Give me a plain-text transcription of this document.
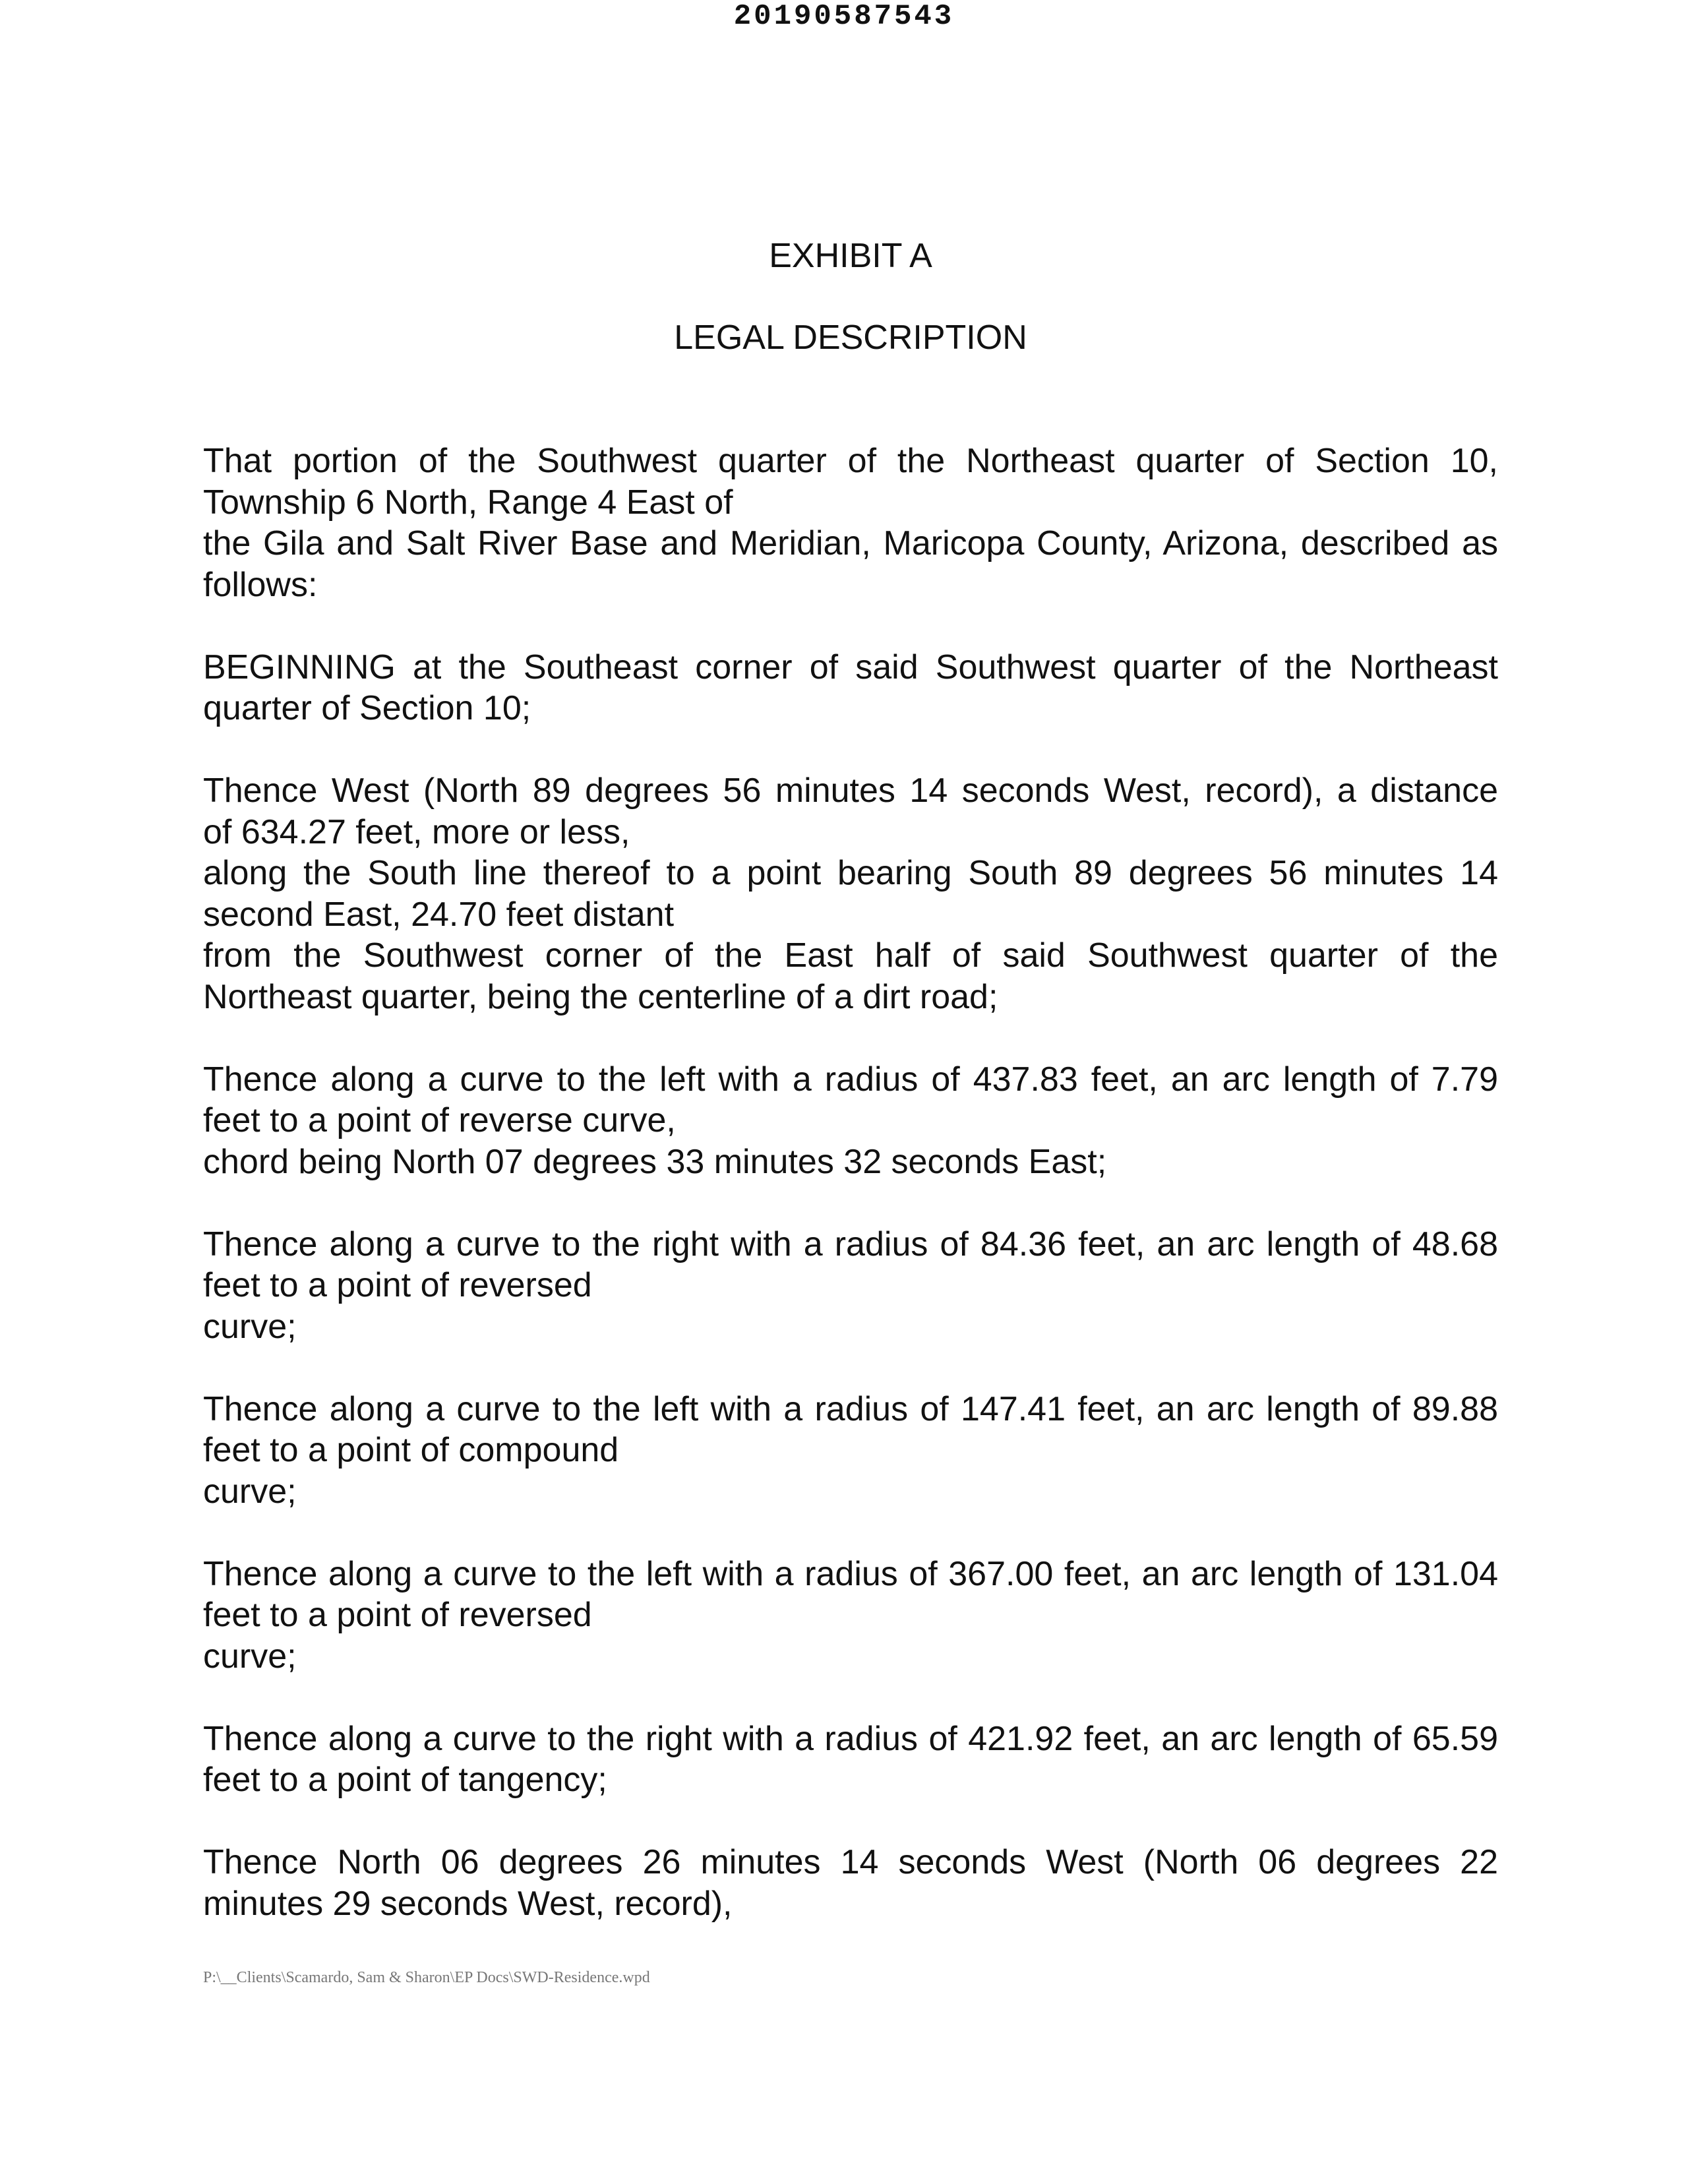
20190587543
EXHIBIT A
LEGAL DESCRIPTION

That portion of the Southwest quarter of the Northeast quarter of Section 10,
Township 6 North, Range 4 East of
the Gila and Salt River Base and Meridian, Maricopa County, Arizona, described as
follows:

BEGINNING at the Southeast corner of said Southwest quarter of the Northeast
quarter of Section 10;

Thence West (North 89 degrees 56 minutes 14 seconds West, record), a distance
of 634.27 feet, more or less,
along the South line thereof to a point bearing South 89 degrees 56 minutes 14
second East, 24.70 feet distant
from the Southwest corner of the East half of said Southwest quarter of the
Northeast quarter, being the centerline of a dirt road;

Thence along a curve to the left with a radius of 437.83 feet, an arc length of 7.79
feet to a point of reverse curve,
chord being North 07 degrees 33 minutes 32 seconds East;

Thence along a curve to the right with a radius of 84.36 feet, an arc length of 48.68
feet to a point of reversed
curve;

Thence along a curve to the left with a radius of 147.41 feet, an arc length of 89.88
feet to a point of compound
curve;

Thence along a curve to the left with a radius of 367.00 feet, an arc length of 131.04
feet to a point of reversed
curve;

Thence along a curve to the right with a radius of 421.92 feet, an arc length of 65.59
feet to a point of tangency;

Thence North 06 degrees 26 minutes 14 seconds West (North 06 degrees 22
minutes 29 seconds West, record),

P:\__Clients\Scamardo, Sam & Sharon\EP Docs\SWD-Residence.wpd
